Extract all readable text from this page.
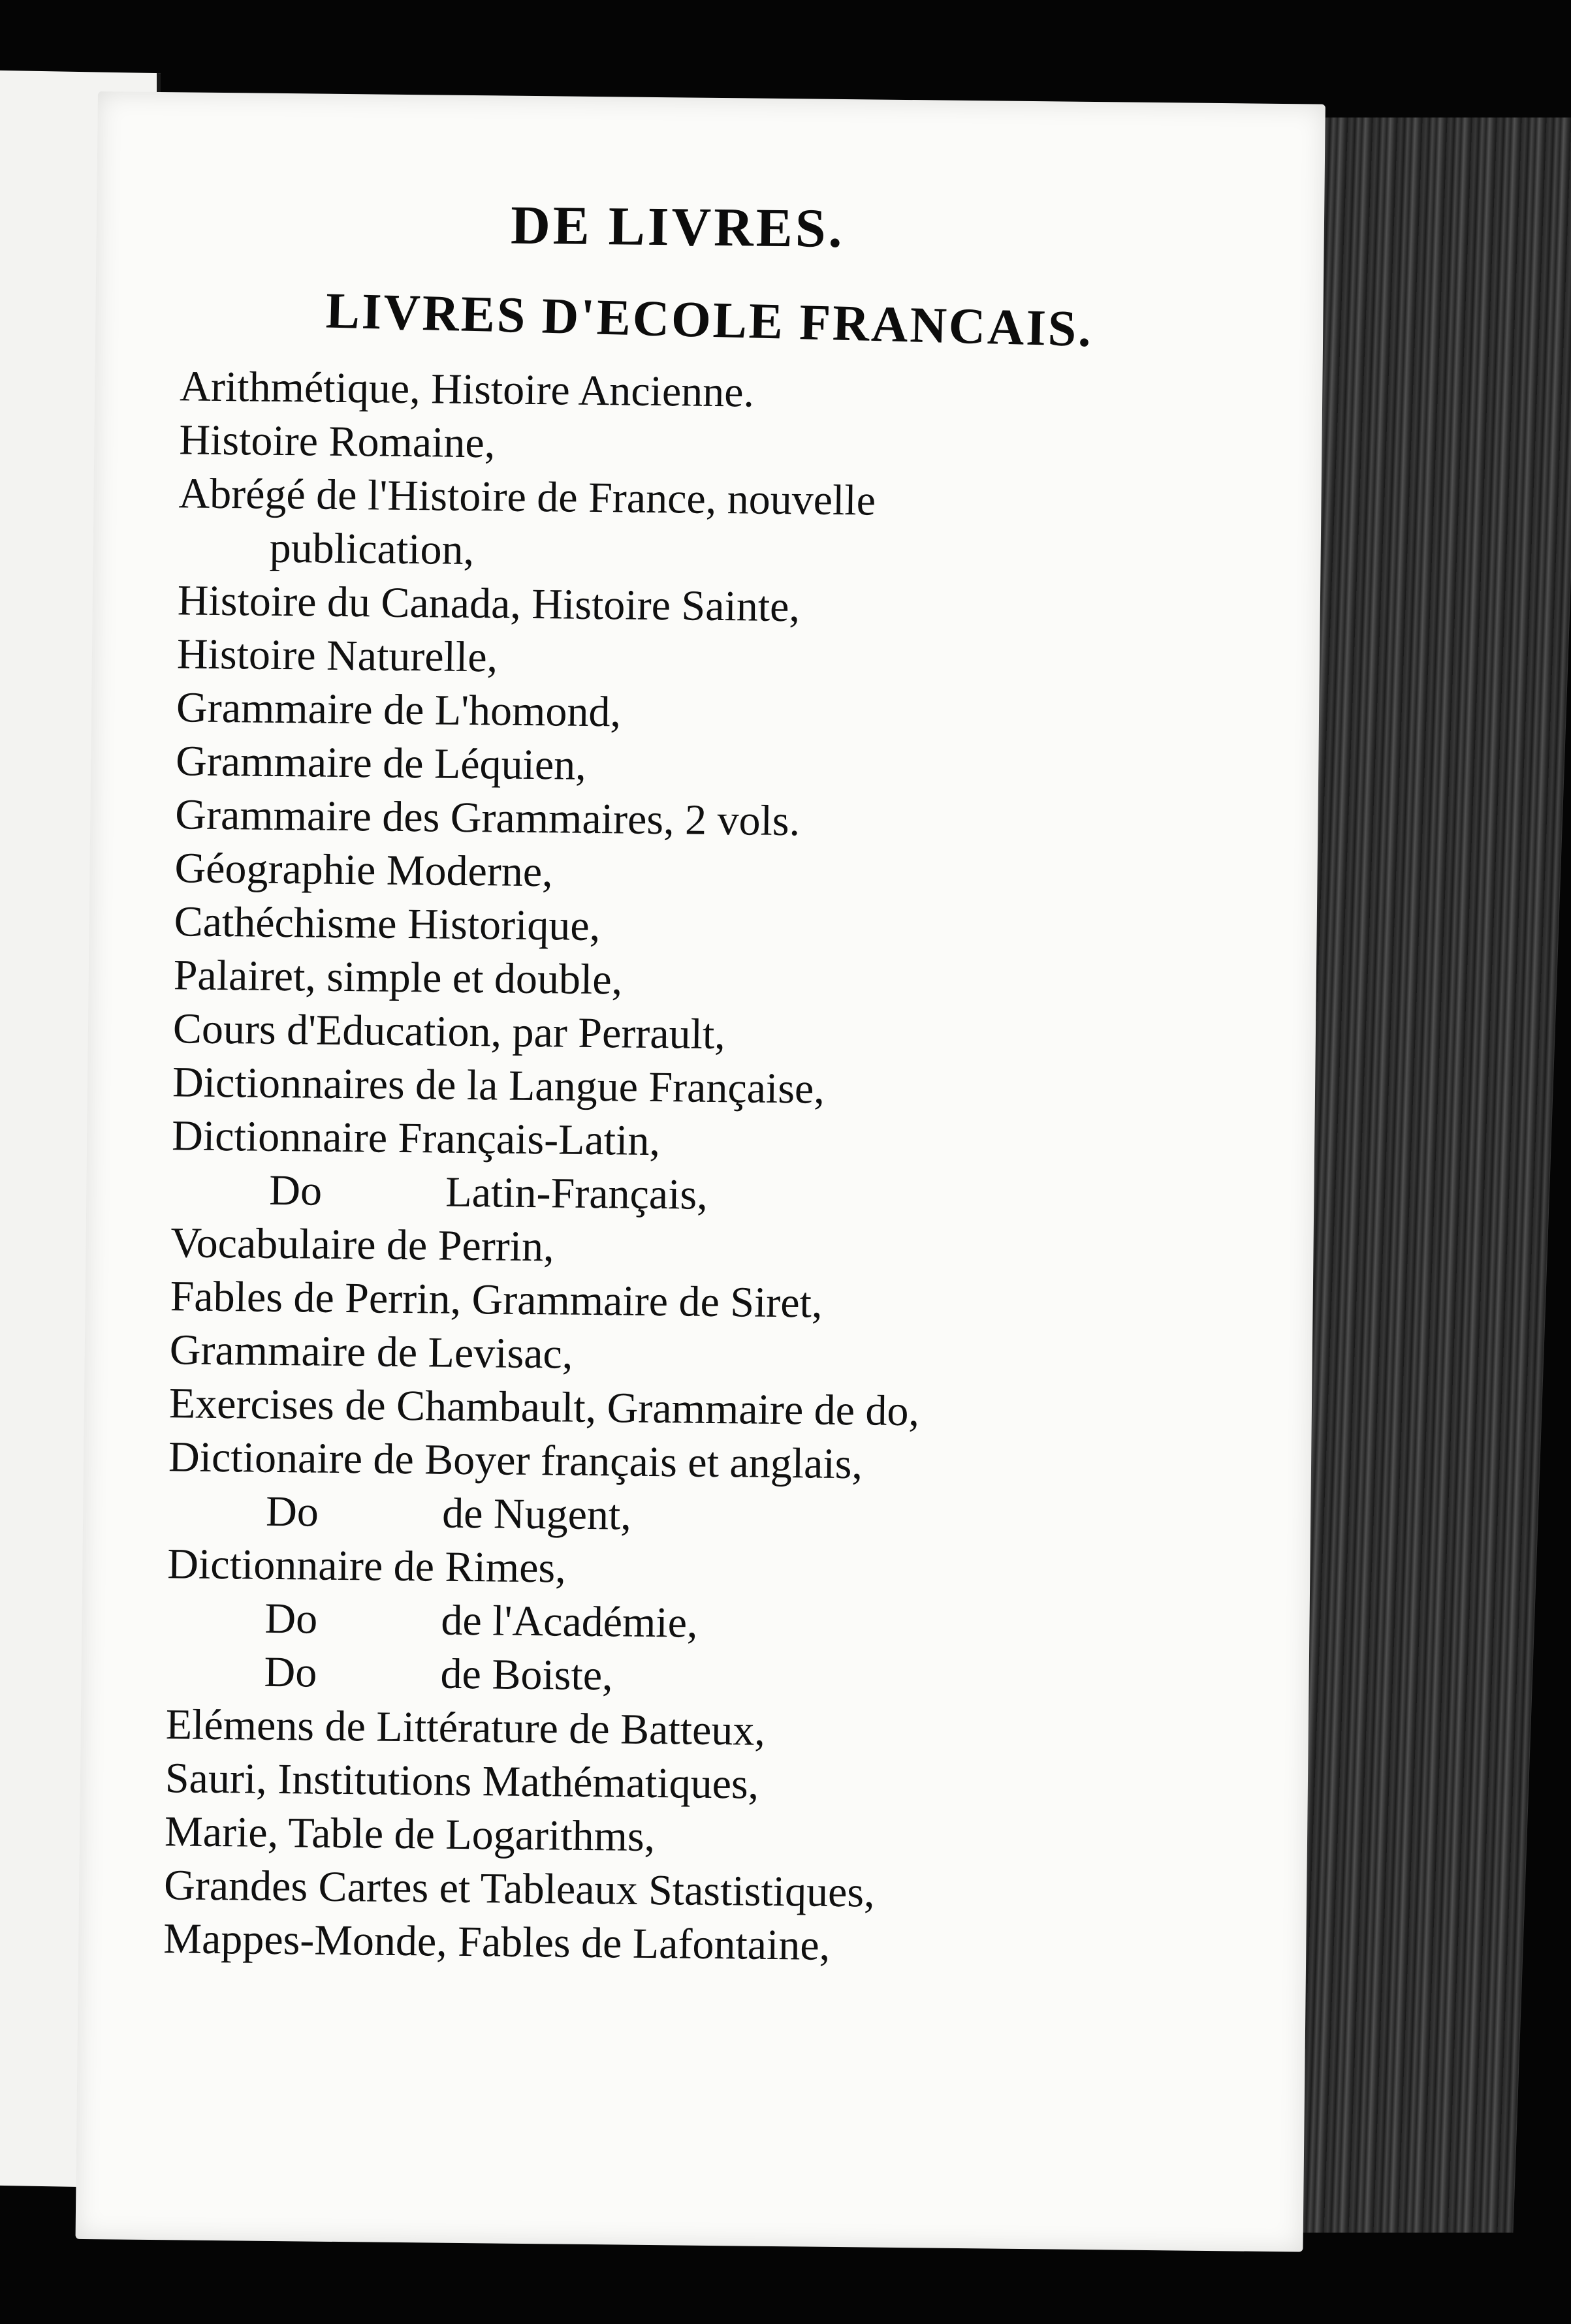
DE LIVRES.
LIVRES D'ECOLE FRANCAIS.
Arithmétique, Histoire Ancienne.
Histoire Romaine,
Abrégé de l'Histoire de France, nouvelle
publication,
Histoire du Canada, Histoire Sainte,
Histoire Naturelle,
Grammaire de L'homond,
Grammaire de Léquien,
Grammaire des Grammaires, 2 vols.
Géographie Moderne,
Cathéchisme Historique,
Palairet, simple et double,
Cours d'Education, par Perrault,
Dictionnaires de la Langue Française,
Dictionnaire Français-Latin,
Do	Latin-Français,
Vocabulaire de Perrin,
Fables de Perrin, Grammaire de Siret,
Grammaire de Levisac,
Exercises de Chambault, Grammaire de do,
Dictionaire de Boyer français et anglais,
Do	de Nugent,
Dictionnaire de Rimes,
Do	de l'Académie,
Do	de Boiste,
Elémens de Littérature de Batteux,
Sauri, Institutions Mathématiques,
Marie, Table de Logarithms,
Grandes Cartes et Tableaux Stastistiques,
Mappes-Monde, Fables de Lafontaine,
